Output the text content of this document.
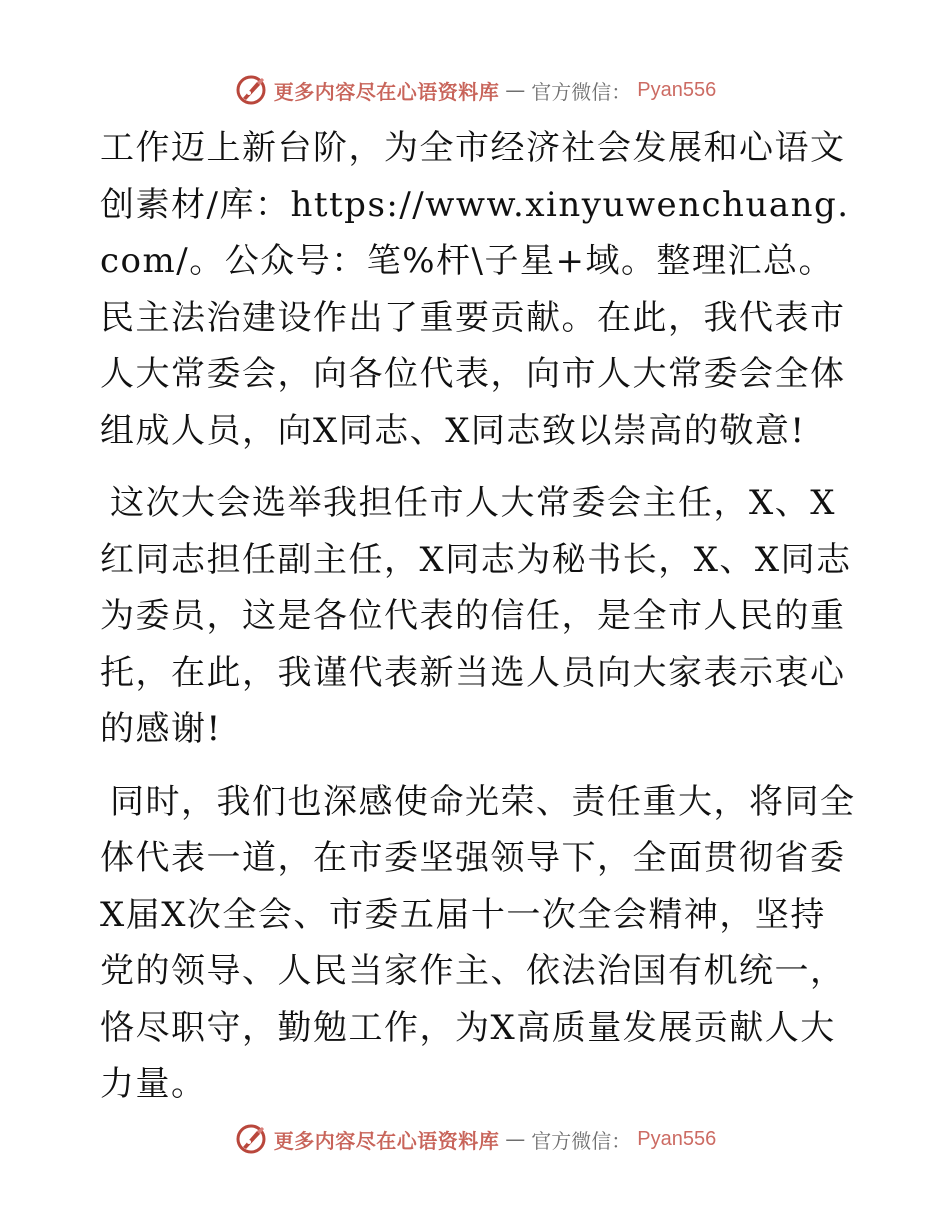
更多内容尽在心语资料库 — 官方微信： Pyan556

工作迈上新台阶，为全市经济社会发展和心语文创素材/库：https://www.xinyuwenchuang.com/。公众号：笔%杆\子星+域。整理汇总。民主法治建设作出了重要贡献。在此，我代表市人大常委会，向各位代表，向市人大常委会全体组成人员，向X同志、X同志致以崇高的敬意!

这次大会选举我担任市人大常委会主任，X、X红同志担任副主任，X同志为秘书长，X、X同志为委员，这是各位代表的信任，是全市人民的重托，在此，我谨代表新当选人员向大家表示衷心的感谢!

同时，我们也深感使命光荣、责任重大，将同全体代表一道，在市委坚强领导下，全面贯彻省委X届X次全会、市委五届十一次全会精神，坚持党的领导、人民当家作主、依法治国有机统一，恪尽职守，勤勉工作，为X高质量发展贡献人大力量。

更多内容尽在心语资料库 — 官方微信： Pyan556
